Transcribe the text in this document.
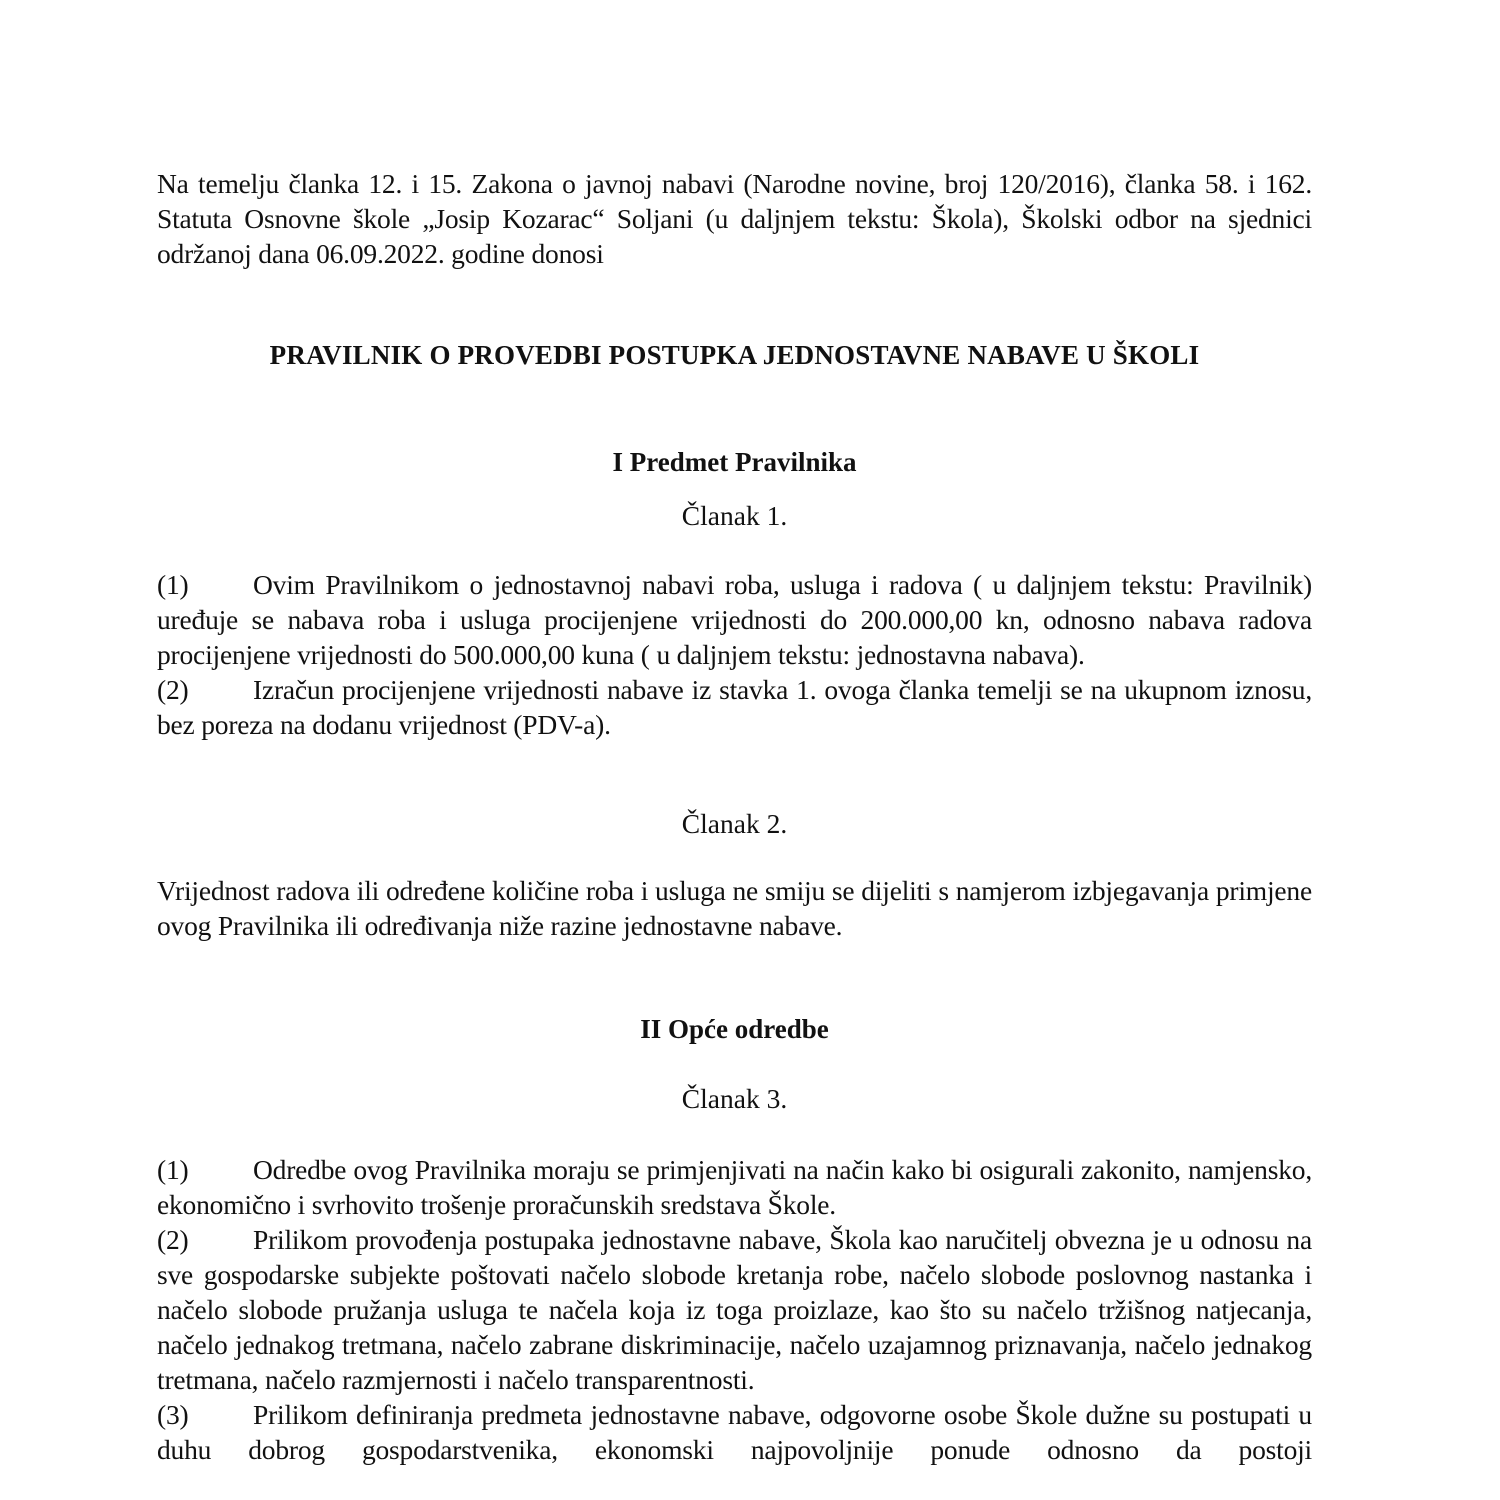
Na temelju članka 12. i 15. Zakona o javnoj nabavi (Narodne novine, broj 120/2016), članka 58. i 162. Statuta Osnovne škole „Josip Kozarac“ Soljani (u daljnjem tekstu: Škola), Školski odbor na sjednici održanoj dana 06.09.2022. godine donosi
PRAVILNIK O PROVEDBI POSTUPKA JEDNOSTAVNE NABAVE U ŠKOLI
I Predmet Pravilnika
Članak 1.
(1) Ovim Pravilnikom o jednostavnoj nabavi roba, usluga i radova ( u daljnjem tekstu: Pravilnik) uređuje se nabava roba i usluga procijenjene vrijednosti do 200.000,00 kn, odnosno nabava radova procijenjene vrijednosti do 500.000,00 kuna ( u daljnjem tekstu: jednostavna nabava).
(2) Izračun procijenjene vrijednosti nabave iz stavka 1. ovoga članka temelji se na ukupnom iznosu, bez poreza na dodanu vrijednost (PDV-a).
Članak 2.
Vrijednost radova ili određene količine roba i usluga ne smiju se dijeliti s namjerom izbjegavanja primjene ovog Pravilnika ili određivanja niže razine jednostavne nabave.
II Opće odredbe
Članak 3.
(1) Odredbe ovog Pravilnika moraju se primjenjivati na način kako bi osigurali zakonito, namjensko, ekonomično i svrhovito trošenje proračunskih sredstava Škole.
(2) Prilikom provođenja postupaka jednostavne nabave, Škola kao naručitelj obvezna je u odnosu na sve gospodarske subjekte poštovati načelo slobode kretanja robe, načelo slobode poslovnog nastanka i načelo slobode pružanja usluga te načela koja iz toga proizlaze, kao što su načelo tržišnog natjecanja, načelo jednakog tretmana, načelo zabrane diskriminacije, načelo uzajamnog priznavanja, načelo jednakog tretmana, načelo razmjernosti i načelo transparentnosti.
(3) Prilikom definiranja predmeta jednostavne nabave, odgovorne osobe Škole dužne su postupati u duhu dobrog gospodarstvenika, ekonomski najpovoljnije ponude odnosno da postoji
